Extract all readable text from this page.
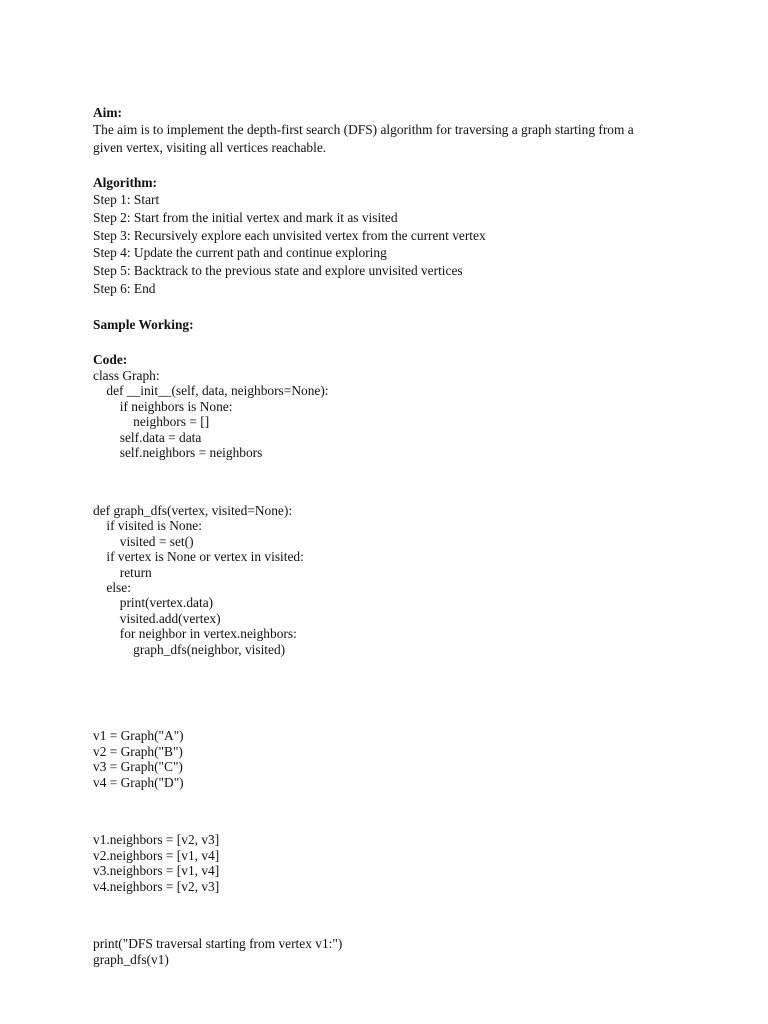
Aim:

The aim is to implement the depth-first search (DFS) algorithm for traversing a graph starting from a

given vertex, visiting all vertices reachable.

Algorithm:

Step 1: Start

Step 2: Start from the initial vertex and mark it as visited

Step 3: Recursively explore each unvisited vertex from the current vertex

Step 4: Update the current path and continue exploring

Step 5: Backtrack to the previous state and explore unvisited vertices

Step 6: End

Sample Working:

Code:

class Graph:

def __init__(self, data, neighbors=None):

if neighbors is None:

neighbors = []

self.data = data

self.neighbors = neighbors

def graph_dfs(vertex, visited=None):

if visited is None:

visited = set()

if vertex is None or vertex in visited:

return

else:

print(vertex.data)

visited.add(vertex)

for neighbor in vertex.neighbors:

graph_dfs(neighbor, visited)

v1 = Graph("A")

v2 = Graph("B")

v3 = Graph("C")

v4 = Graph("D")

v1.neighbors = [v2, v3]

v2.neighbors = [v1, v4]

v3.neighbors = [v1, v4]

v4.neighbors = [v2, v3]

print("DFS traversal starting from vertex v1:")

graph_dfs(v1)
